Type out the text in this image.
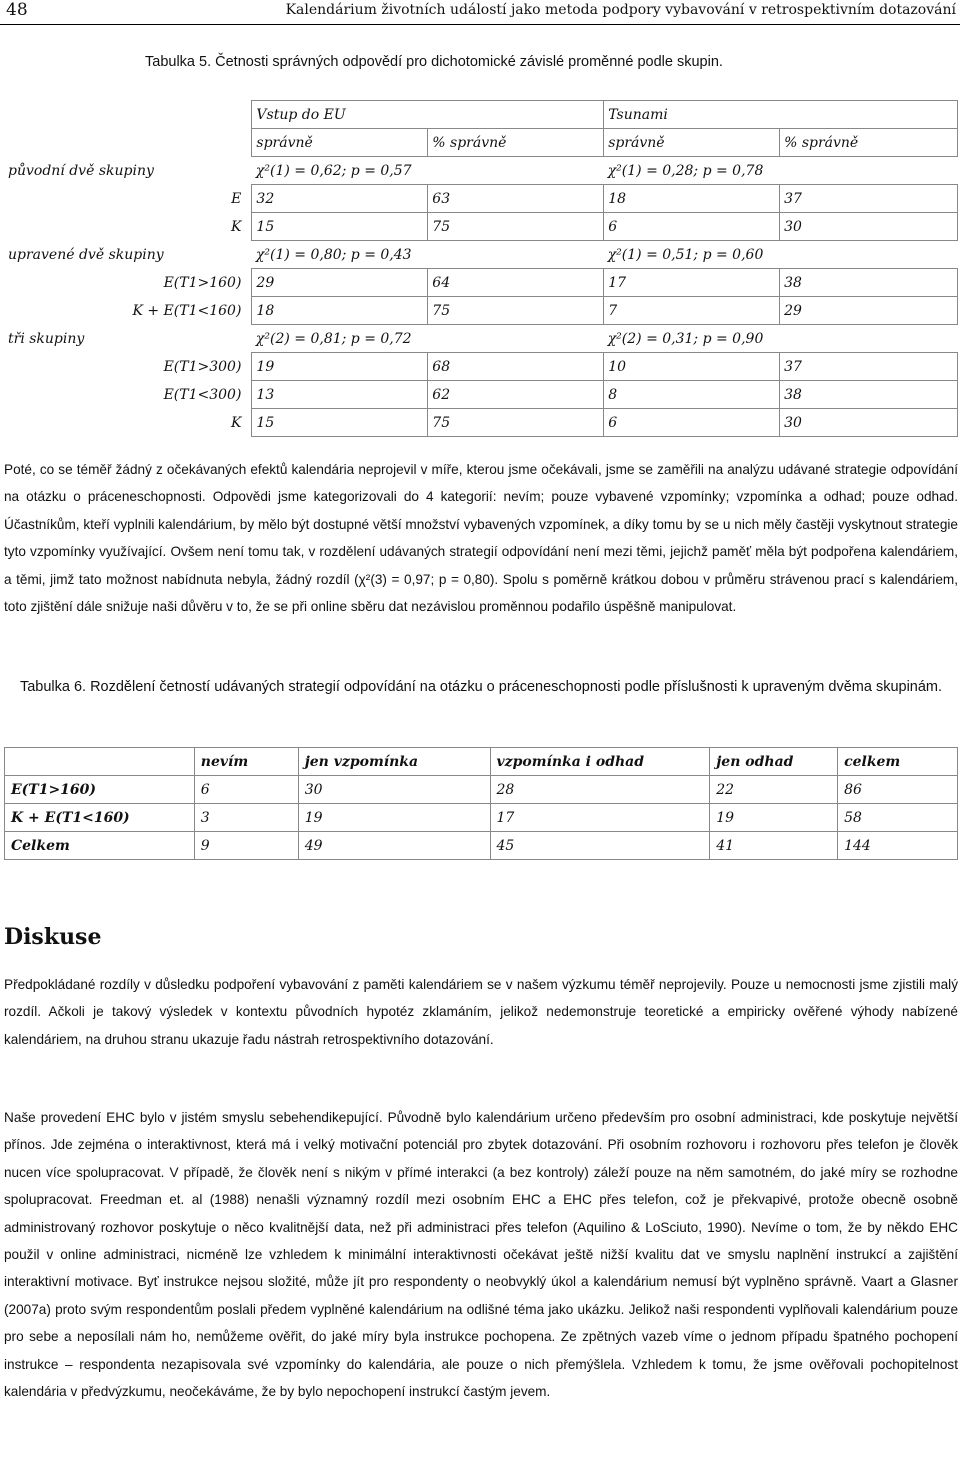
48	Kalendárium životních událostí jako metoda podpory vybavování v retrospektivním dotazování
Tabulka 5. Četnosti správných odpovědí pro dichotomické závislé proměnné podle skupin.
	Vstup do EU		Tsunami	
	správně	% správně	správně	% správně
původní dvě skupiny	χ²(1) = 0,62; p = 0,57		χ²(1) = 0,28; p = 0,78	
E	32	63	18	37
K	15	75	6	30
upravené dvě skupiny	χ²(1) = 0,80; p = 0,43		χ²(1) = 0,51; p = 0,60	
E(T1>160)	29	64	17	38
K + E(T1<160)	18	75	7	29
tři skupiny	χ²(2) = 0,81; p = 0,72		χ²(2) = 0,31; p = 0,90	
E(T1>300)	19	68	10	37
E(T1<300)	13	62	8	38
K	15	75	6	30
Poté, co se téměř žádný z očekávaných efektů kalendária neprojevil v míře, kterou jsme očekávali, jsme se zaměřili na analýzu udávané strategie odpovídání na otázku o práceneschopnosti. Odpovědi jsme kategorizovali do 4 kategorií: nevím; pouze vybavené vzpomínky; vzpomínka a odhad; pouze odhad. Účastníkům, kteří vyplnili kalendárium, by mělo být dostupné větší množství vybavených vzpomínek, a díky tomu by se u nich měly častěji vyskytnout strategie tyto vzpomínky využívající. Ovšem není tomu tak, v rozdělení udávaných strategií odpovídání není mezi těmi, jejichž paměť měla být podpořena kalendáriem, a těmi, jimž tato možnost nabídnuta nebyla, žádný rozdíl (χ²(3) = 0,97; p = 0,80). Spolu s poměrně krátkou dobou v průměru strávenou prací s kalendáriem, toto zjištění dále snižuje naši důvěru v to, že se při online sběru dat nezávislou proměnnou podařilo úspěšně manipulovat.
Tabulka 6. Rozdělení četností udávaných strategií odpovídání na otázku o práceneschopnosti podle příslušnosti k upraveným dvěma skupinám.
	nevím	jen vzpomínka	vzpomínka i odhad	jen odhad	celkem
E(T1>160)	6	30	28	22	86
K + E(T1<160)	3	19	17	19	58
Celkem	9	49	45	41	144
Diskuse
Předpokládané rozdíly v důsledku podpoření vybavování z paměti kalendáriem se v našem výzkumu téměř neprojevily. Pouze u nemocnosti jsme zjistili malý rozdíl. Ačkoli je takový výsledek v kontextu původních hypotéz zklamáním, jelikož nedemonstruje teoretické a empiricky ověřené výhody nabízené kalendáriem, na druhou stranu ukazuje řadu nástrah retrospektivního dotazování.
Naše provedení EHC bylo v jistém smyslu sebehendikepující. Původně bylo kalendárium určeno především pro osobní administraci, kde poskytuje největší přínos. Jde zejména o interaktivnost, která má i velký motivační potenciál pro zbytek dotazování. Při osobním rozhovoru i rozhovoru přes telefon je člověk nucen více spolupracovat. V případě, že člověk není s nikým v přímé interakci (a bez kontroly) záleží pouze na něm samotném, do jaké míry se rozhodne spolupracovat. Freedman et. al (1988) nenašli významný rozdíl mezi osobním EHC a EHC přes telefon, což je překvapivé, protože obecně osobně administrovaný rozhovor poskytuje o něco kvalitnější data, než při administraci přes telefon (Aquilino & LoSciuto, 1990). Nevíme o tom, že by někdo EHC použil v online administraci, nicméně lze vzhledem k minimální interaktivnosti očekávat ještě nižší kvalitu dat ve smyslu naplnění instrukcí a zajištění interaktivní motivace. Byť instrukce nejsou složité, může jít pro respondenty o neobvyklý úkol a kalendárium nemusí být vyplněno správně. Vaart a Glasner (2007a) proto svým respondentům poslali předem vyplněné kalendárium na odlišné téma jako ukázku. Jelikož naši respondenti vyplňovali kalendárium pouze pro sebe a neposílali nám ho, nemůžeme ověřit, do jaké míry byla instrukce pochopena. Ze zpětných vazeb víme o jednom případu špatného pochopení instrukce – respondenta nezapisovala své vzpomínky do kalendária, ale pouze o nich přemýšlela. Vzhledem k tomu, že jsme ověřovali pochopitelnost kalendária v předvýzkumu, neočekáváme, že by bylo nepochopení instrukcí častým jevem.
